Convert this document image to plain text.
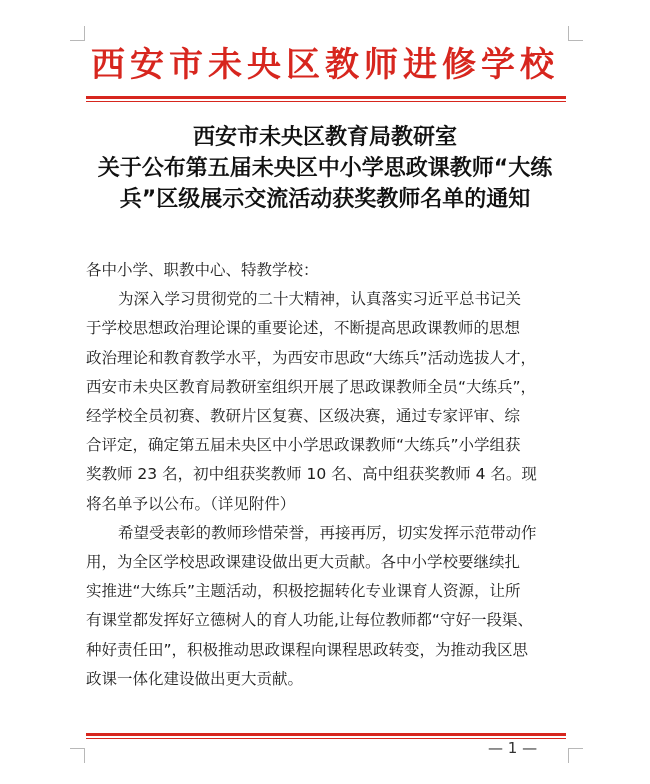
西安市未央区教师进修学校
西安市未央区教育局教研室
关于公布第五届未央区中小学思政课教师“大练
兵”区级展示交流活动获奖教师名单的通知
各中小学、职教中心、特教学校：
为深入学习贯彻党的二十大精神，认真落实习近平总书记关
于学校思想政治理论课的重要论述，不断提高思政课教师的思想
政治理论和教育教学水平，为西安市思政“大练兵”活动选拔人才，
西安市未央区教育局教研室组织开展了思政课教师全员“大练兵”，
经学校全员初赛、教研片区复赛、区级决赛，通过专家评审、综
合评定，确定第五届未央区中小学思政课教师“大练兵”小学组获
奖教师 23 名，初中组获奖教师 10 名、高中组获奖教师 4 名。现
将名单予以公布。（详见附件）
希望受表彰的教师珍惜荣誉，再接再厉，切实发挥示范带动作
用，为全区学校思政课建设做出更大贡献。各中小学校要继续扎
实推进“大练兵”主题活动，积极挖掘转化专业课育人资源，让所
有课堂都发挥好立德树人的育人功能,让每位教师都“守好一段渠、
种好责任田”，积极推动思政课程向课程思政转变，为推动我区思
政课一体化建设做出更大贡献。
— 1 —
